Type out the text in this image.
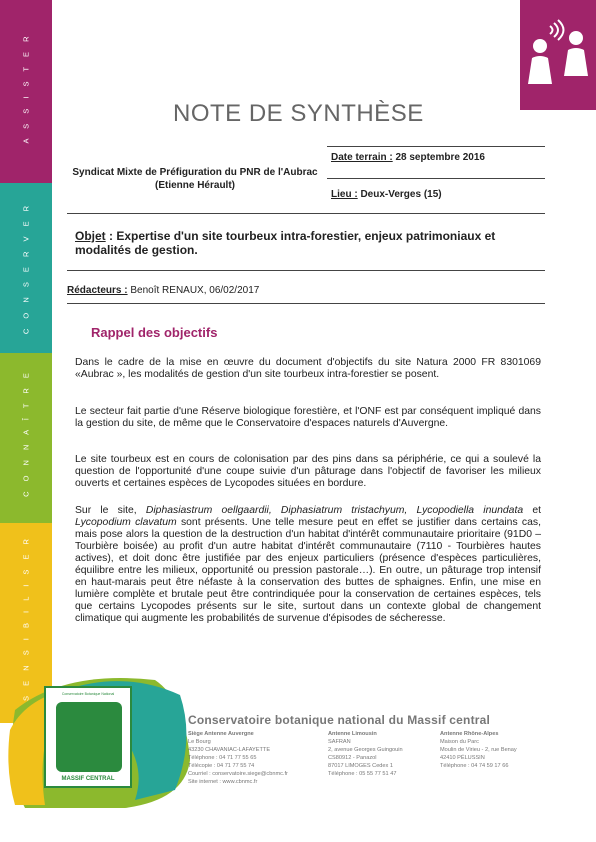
A S S I S T E R
C O N S E R V E R
C O N N A Î T R E
S E N S I B I L I S E R
NOTE DE SYNTHÈSE
Syndicat Mixte de Préfiguration du PNR de l'Aubrac (Etienne Hérault)
Date terrain : 28 septembre 2016
Lieu : Deux-Verges (15)
Objet : Expertise d'un site tourbeux intra-forestier, enjeux patrimoniaux et modalités de gestion.
Rédacteurs : Benoît RENAUX, 06/02/2017
Rappel des objectifs

Dans le cadre de la mise en œuvre du document d'objectifs du site Natura 2000 FR 8301069 «Aubrac », les modalités de gestion d'un site tourbeux intra-forestier se posent.

Le secteur fait partie d'une Réserve biologique forestière, et l'ONF est par conséquent impliqué dans la gestion du site, de même que le Conservatoire d'espaces naturels d'Auvergne.

Le site tourbeux est en cours de colonisation par des pins dans sa périphérie, ce qui a soulevé la question de l'opportunité d'une coupe suivie d'un pâturage dans l'objectif de favoriser les milieux ouverts et certaines espèces de Lycopodes situées en bordure.

Sur le site, Diphasiastrum oellgaardii, Diphasiatrum tristachyum, Lycopodiella inundata et Lycopodium clavatum sont présents. Une telle mesure peut en effet se justifier dans certains cas, mais pose alors la question de la destruction d'un habitat d'intérêt communautaire prioritaire (91D0 – Tourbière boisée) au profit d'un autre habitat d'intérêt communautaire (7110 - Tourbières hautes actives), et doit donc être justifiée par des enjeux particuliers (présence d'espèces particulières, équilibre entre les milieux, opportunité ou pression pastorale…). En outre, un pâturage trop intensif en haut-marais peut être néfaste à la conservation des buttes de sphaignes. Enfin, une mise en lumière complète et brutale peut être contrindiquée pour la conservation de certaines espèces, tels que certains Lycopodes présents sur le site, surtout dans un contexte global de changement climatique qui augmente les probabilités de survenue d'épisodes de sécheresse.

Conservatoire Botanique National
MASSIF CENTRAL
Conservatoire botanique national du Massif central
Siège Antenne Auvergne
Le Bourg
43230 CHAVANIAC-LAFAYETTE
Téléphone : 04 71 77 55 65
Télécopie : 04 71 77 55 74
Courriel : conservatoire.siege@cbnmc.fr
Site internet : www.cbnmc.fr
Antenne Limousin
SAFRAN
2, avenue Georges Guingouin
CS80912 - Panazol
87017 LIMOGES Cedex 1
Téléphone : 05 55 77 51 47
Antenne Rhône-Alpes
Maison du Parc
Moulin de Virieu - 2, rue Benay
42410 PÉLUSSIN
Téléphone : 04 74 59 17 66
